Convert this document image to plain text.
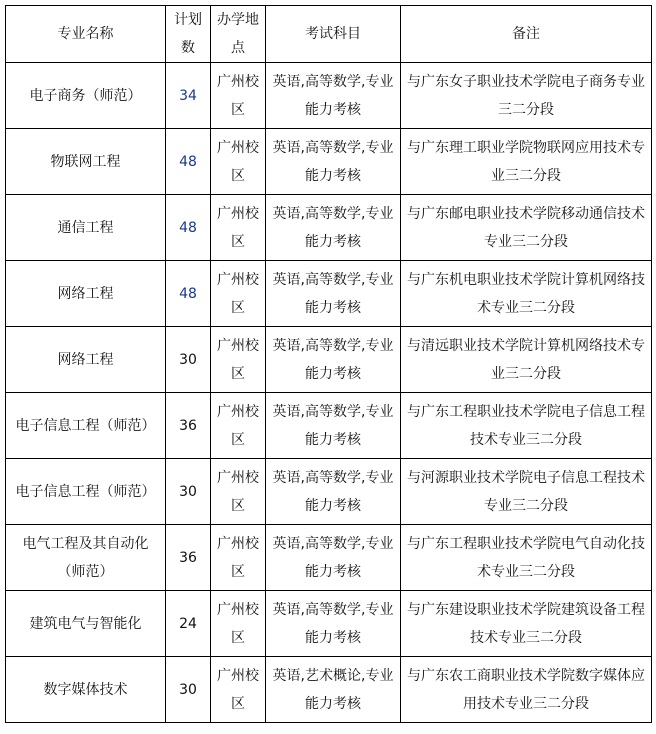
专业名称	计划数	办学地点	考试科目	备注
电子商务（师范）	34	广州校区	英语,高等数学,专业能力考核	与广东女子职业技术学院电子商务专业三二分段
物联网工程	48	广州校区	英语,高等数学,专业能力考核	与广东理工职业学院物联网应用技术专业三二分段
通信工程	48	广州校区	英语,高等数学,专业能力考核	与广东邮电职业技术学院移动通信技术专业三二分段
网络工程	48	广州校区	英语,高等数学,专业能力考核	与广东机电职业技术学院计算机网络技术专业三二分段
网络工程	30	广州校区	英语,高等数学,专业能力考核	与清远职业技术学院计算机网络技术专业三二分段
电子信息工程（师范）	36	广州校区	英语,高等数学,专业能力考核	与广东工程职业技术学院电子信息工程技术专业三二分段
电子信息工程（师范）	30	广州校区	英语,高等数学,专业能力考核	与河源职业技术学院电子信息工程技术专业三二分段
电气工程及其自动化（师范）	36	广州校区	英语,高等数学,专业能力考核	与广东工程职业技术学院电气自动化技术专业三二分段
建筑电气与智能化	24	广州校区	英语,高等数学,专业能力考核	与广东建设职业技术学院建筑设备工程技术专业三二分段
数字媒体技术	30	广州校区	英语,艺术概论,专业能力考核	与广东农工商职业技术学院数字媒体应用技术专业三二分段
